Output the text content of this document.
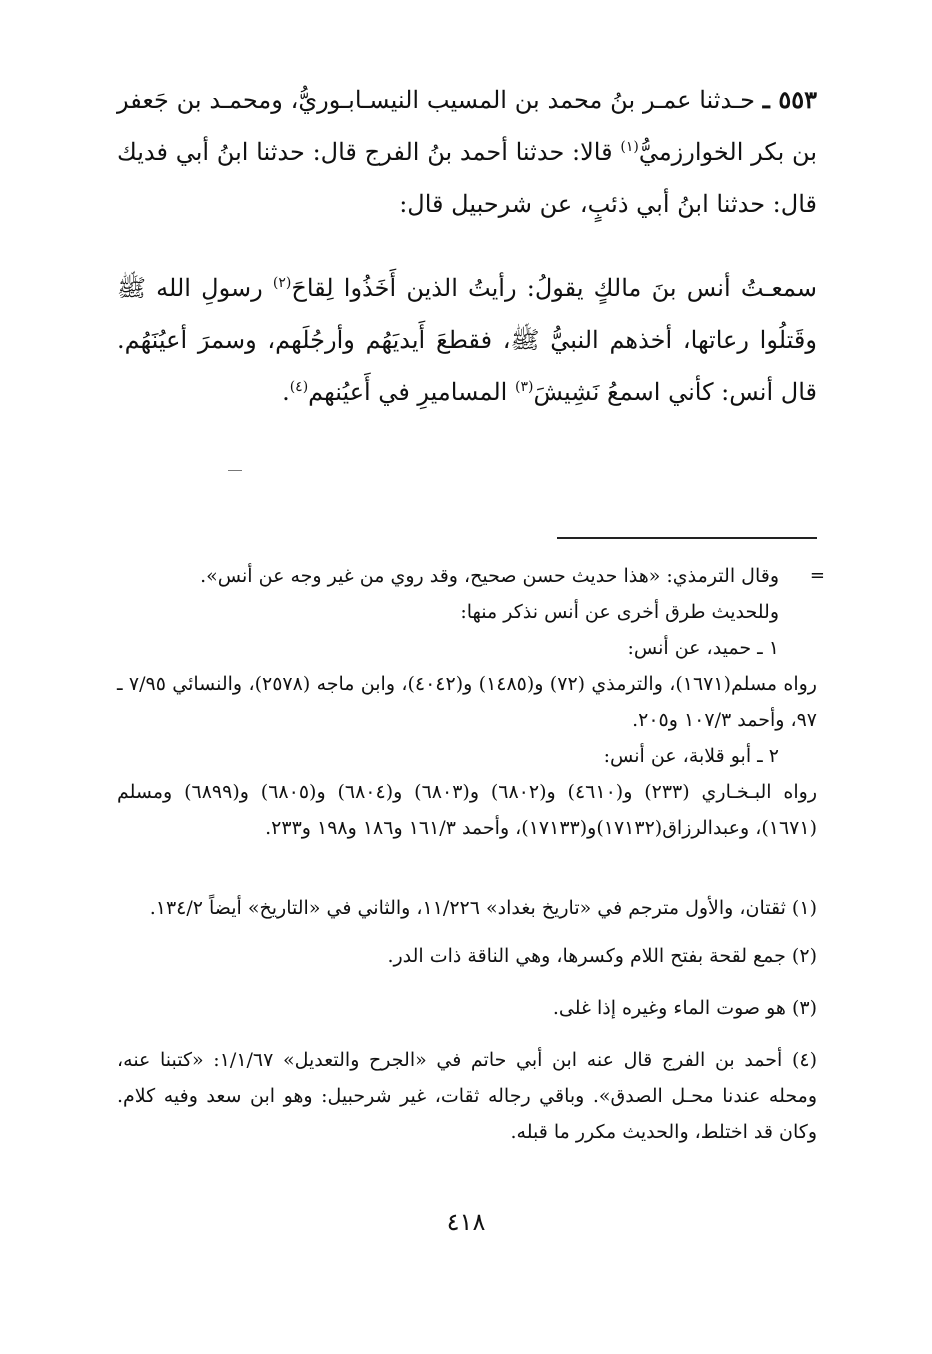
٥٥٣ ـ حـدثنا عمـر بنُ محمد بن المسيب النيسـابـوريُّ، ومحمـد بن جَعفر بن بكر الخوارزميُّ$^{(١)}$ قالا: حدثنا أحمد بنُ الفرج قال: حدثنا ابنُ أبي فديك قال: حدثنا ابنُ أبي ذئبٍ، عن شرحبيل قال:

سمعـتُ أنس بنَ مالكٍ يقولُ: رأيتُ الذين أَخَذُوا لِقاحَ$^{(٢)}$ رسولِ الله ﷺ وقَتلُوا رعاتها، أخذهم النبيُّ ﷺ، فقطعَ أَيديَهُم وأرجُلَهم، وسمرَ أعيُنَهُم. قال أنس: كأني اسمعُ نَشِيشَ$^{(٣)}$ المساميرِ في أَعيُنهم$^{(٤)}$.

=
وقال الترمذي: «هذا حديث حسن صحيح، وقد روي من غير وجه عن أنس».

وللحديث طرق أخرى عن أنس نذكر منها:

١ ـ حميد، عن أنس:

رواه مسلم(١٦٧١)، والترمذي (٧٢) و(١٤٨٥) و(٤٠٤٢)، وابن ماجه (٢٥٧٨)، والنسائي ٧/٩٥ ـ ٩٧، وأحمد ١٠٧/٣ و٢٠٥.

٢ ـ أبو قلابة، عن أنس:

رواه البـخـاري (٢٣٣) و(٤٦١٠) و(٦٨٠٢) و(٦٨٠٣) و(٦٨٠٤) و(٦٨٠٥) و(٦٨٩٩) ومسلم (١٦٧١)، وعبدالرزاق(١٧١٣٢)و(١٧١٣٣)، وأحمد ١٦١/٣ و١٨٦ و١٩٨ و٢٣٣.

(١) ثقتان، والأول مترجم في «تاريخ بغداد» ١١/٢٢٦، والثاني في «التاريخ» أيضاً ١٣٤/٢.

(٢) جمع لقحة بفتح اللام وكسرها، وهي الناقة ذات الدر.

(٣) هو صوت الماء وغيره إذا غلى.

(٤) أحمد بن الفرج قال عنه ابن أبي حاتم في «الجرح والتعديل» ١/١/٦٧: «كتبنا عنه، ومحله عندنا محـل الصدق». وباقي رجاله ثقات، غير شرحبيل: وهو ابن سعد وفيه كلام. وكان قد اختلط، والحديث مكرر ما قبله.

٤١٨
